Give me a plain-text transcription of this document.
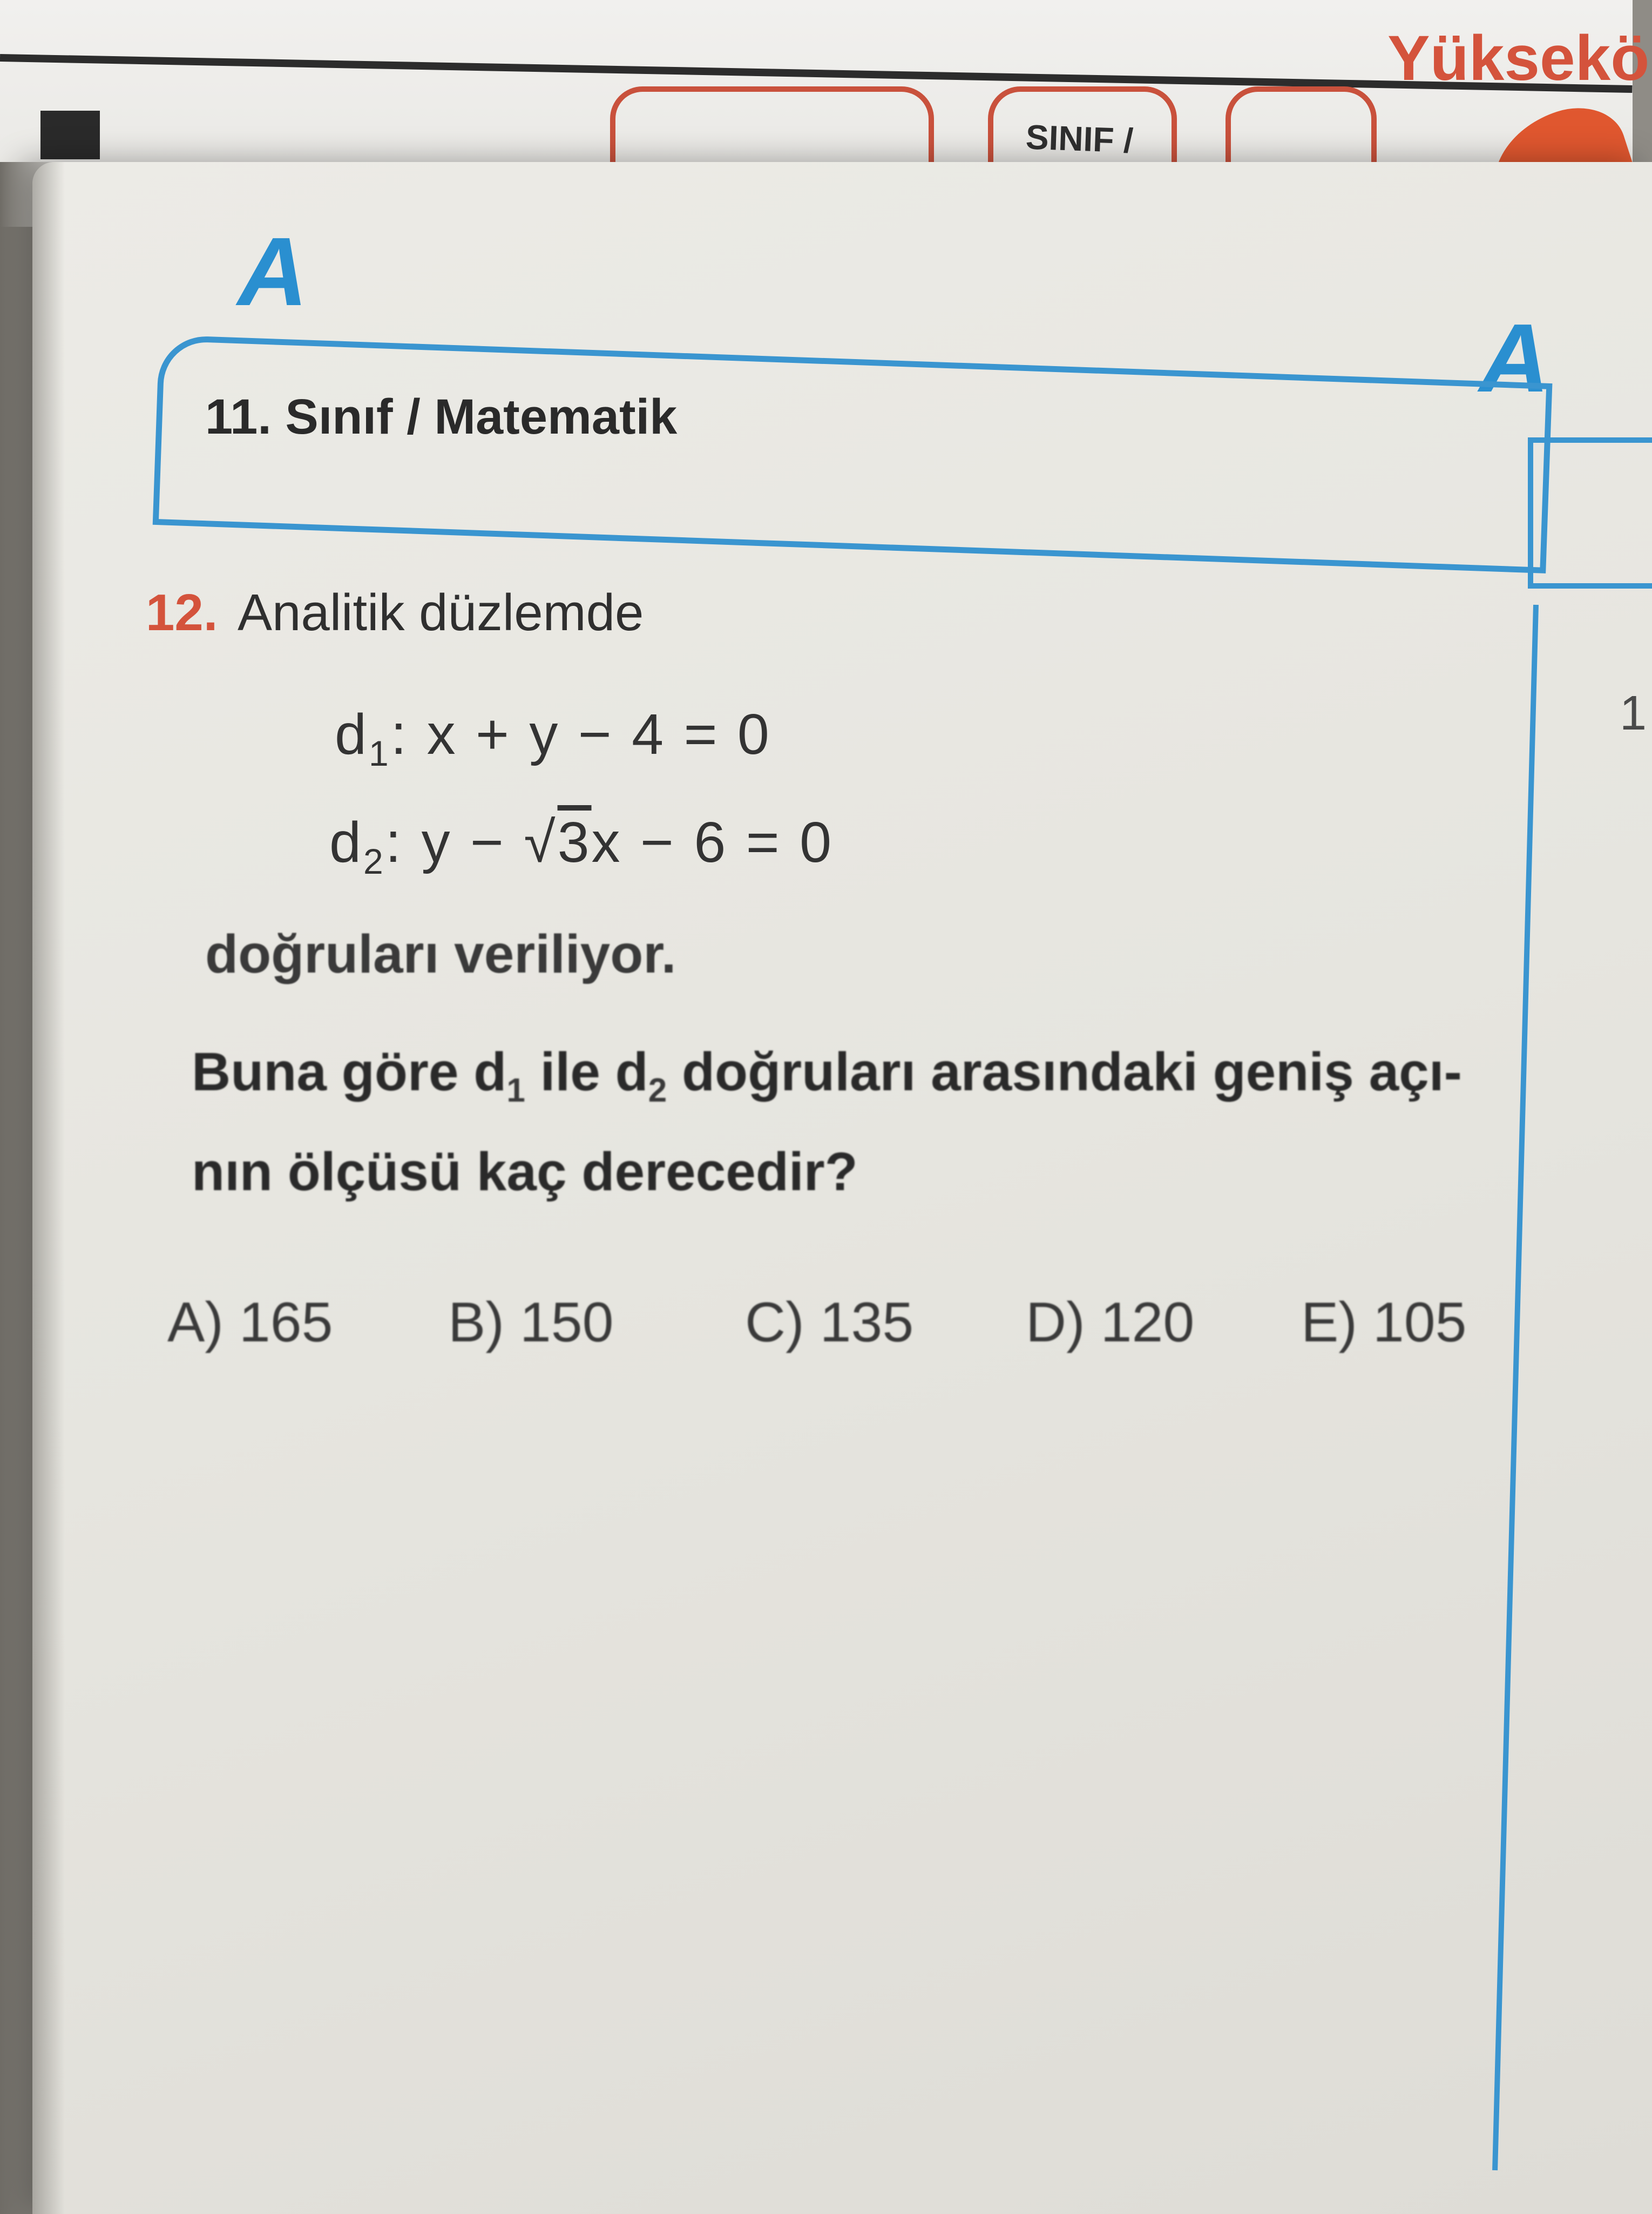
SINIF /
Yüksekö
A
A
11. Sınıf / Matematik
1
12. Analitik düzlemde
$d_1$: x + y − 4 = 0
$d_2$: y − √3x − 6 = 0
doğruları veriliyor.
Buna göre $d_1$ ile $d_2$ doğruları arasındaki geniş açı-
nın ölçüsü kaç derecedir?
A) 165 B) 150 C) 135 D) 120 E) 105
